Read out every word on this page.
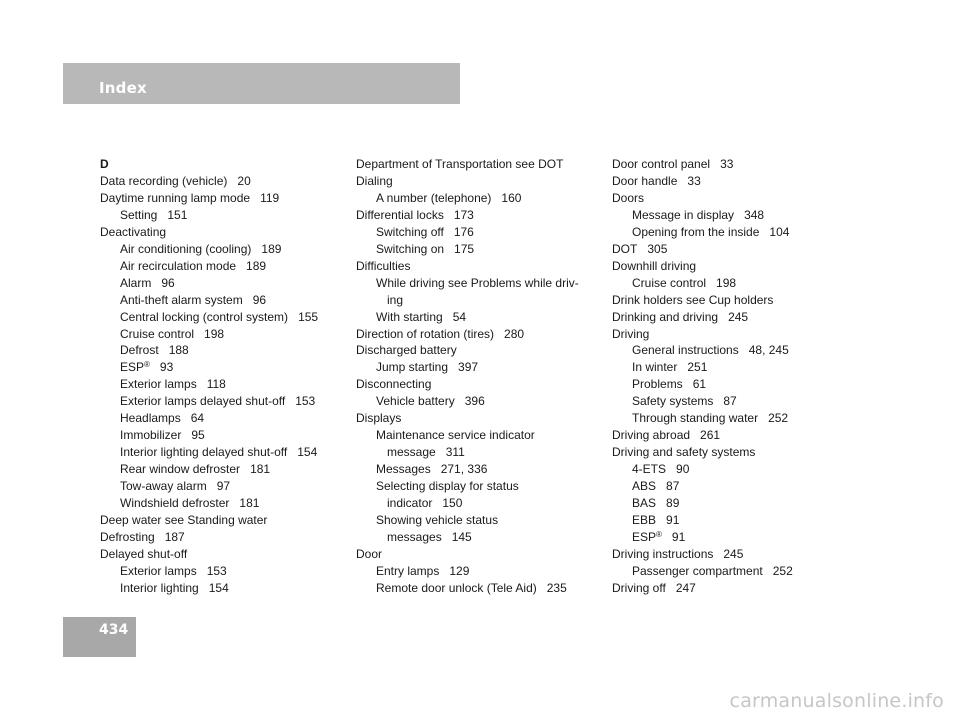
Index
D
Data recording (vehicle) 20
Daytime running lamp mode 119
Setting 151
Deactivating
Air conditioning (cooling) 189
Air recirculation mode 189
Alarm 96
Anti-theft alarm system 96
Central locking (control system) 155
Cruise control 198
Defrost 188
ESP® 93
Exterior lamps 118
Exterior lamps delayed shut-off 153
Headlamps 64
Immobilizer 95
Interior lighting delayed shut-off 154
Rear window defroster 181
Tow-away alarm 97
Windshield defroster 181
Deep water see Standing water
Defrosting 187
Delayed shut-off
Exterior lamps 153
Interior lighting 154
Department of Transportation see DOT
Dialing
A number (telephone) 160
Differential locks 173
Switching off 176
Switching on 175
Difficulties
While driving see Problems while driv-
ing
With starting 54
Direction of rotation (tires) 280
Discharged battery
Jump starting 397
Disconnecting
Vehicle battery 396
Displays
Maintenance service indicator
message 311
Messages 271, 336
Selecting display for status
indicator 150
Showing vehicle status
messages 145
Door
Entry lamps 129
Remote door unlock (Tele Aid) 235
Door control panel 33
Door handle 33
Doors
Message in display 348
Opening from the inside 104
DOT 305
Downhill driving
Cruise control 198
Drink holders see Cup holders
Drinking and driving 245
Driving
General instructions 48, 245
In winter 251
Problems 61
Safety systems 87
Through standing water 252
Driving abroad 261
Driving and safety systems
4-ETS 90
ABS 87
BAS 89
EBB 91
ESP® 91
Driving instructions 245
Passenger compartment 252
Driving off 247
434
carmanualsonline.info
